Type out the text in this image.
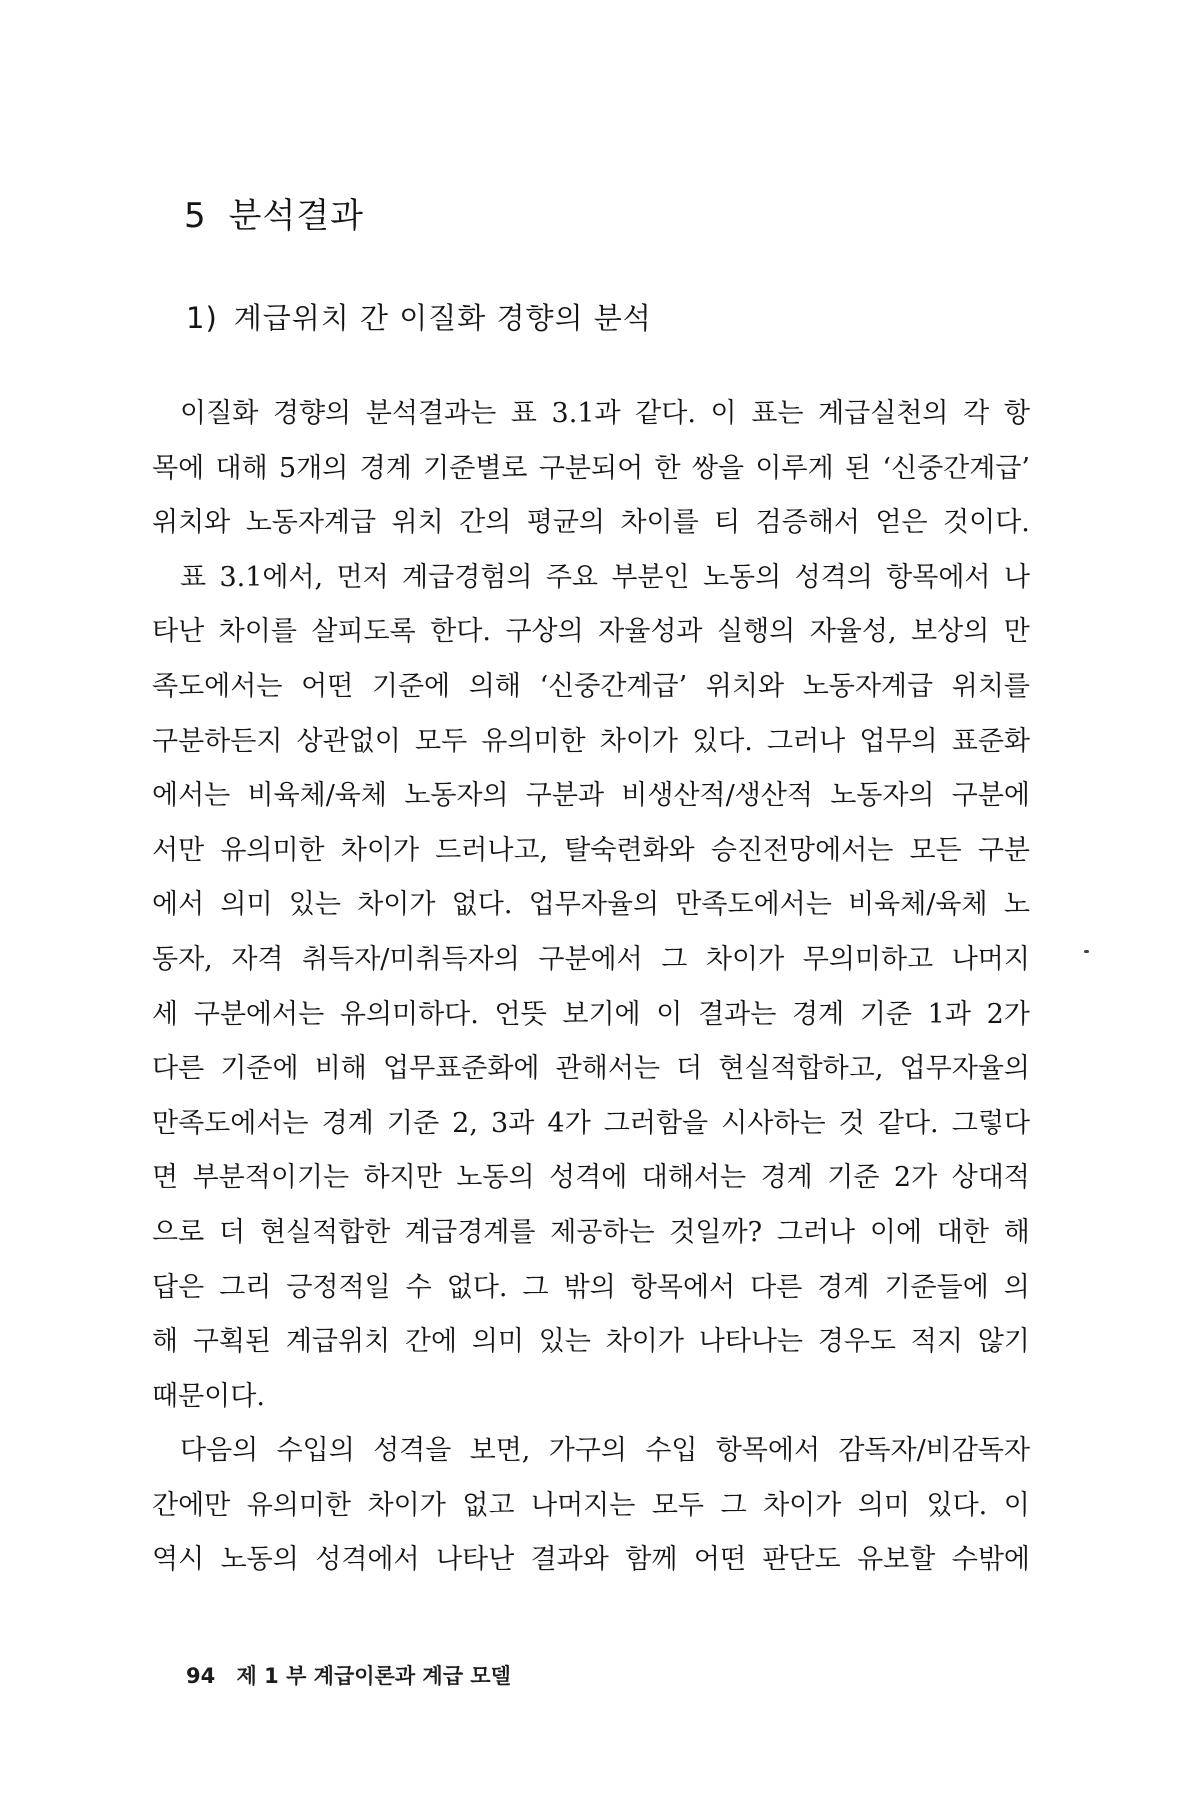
5 분석결과
1) 계급위치 간 이질화 경향의 분석
이질화 경향의 분석결과는 표 3.1과 같다. 이 표는 계급실천의 각 항
목에 대해 5개의 경계 기준별로 구분되어 한 쌍을 이루게 된 ‘신중간계급’
위치와 노동자계급 위치 간의 평균의 차이를 티 검증해서 얻은 것이다.
표 3.1에서, 먼저 계급경험의 주요 부분인 노동의 성격의 항목에서 나
타난 차이를 살피도록 한다. 구상의 자율성과 실행의 자율성, 보상의 만
족도에서는 어떤 기준에 의해 ‘신중간계급’ 위치와 노동자계급 위치를
구분하든지 상관없이 모두 유의미한 차이가 있다. 그러나 업무의 표준화
에서는 비육체/육체 노동자의 구분과 비생산적/생산적 노동자의 구분에
서만 유의미한 차이가 드러나고, 탈숙련화와 승진전망에서는 모든 구분
에서 의미 있는 차이가 없다. 업무자율의 만족도에서는 비육체/육체 노
동자, 자격 취득자/미취득자의 구분에서 그 차이가 무의미하고 나머지
세 구분에서는 유의미하다. 언뜻 보기에 이 결과는 경계 기준 1과 2가
다른 기준에 비해 업무표준화에 관해서는 더 현실적합하고, 업무자율의
만족도에서는 경계 기준 2, 3과 4가 그러함을 시사하는 것 같다. 그렇다
면 부분적이기는 하지만 노동의 성격에 대해서는 경계 기준 2가 상대적
으로 더 현실적합한 계급경계를 제공하는 것일까? 그러나 이에 대한 해
답은 그리 긍정적일 수 없다. 그 밖의 항목에서 다른 경계 기준들에 의
해 구획된 계급위치 간에 의미 있는 차이가 나타나는 경우도 적지 않기
때문이다.
다음의 수입의 성격을 보면, 가구의 수입 항목에서 감독자/비감독자
간에만 유의미한 차이가 없고 나머지는 모두 그 차이가 의미 있다. 이
역시 노동의 성격에서 나타난 결과와 함께 어떤 판단도 유보할 수밖에
94 제 1 부 계급이론과 계급 모델
